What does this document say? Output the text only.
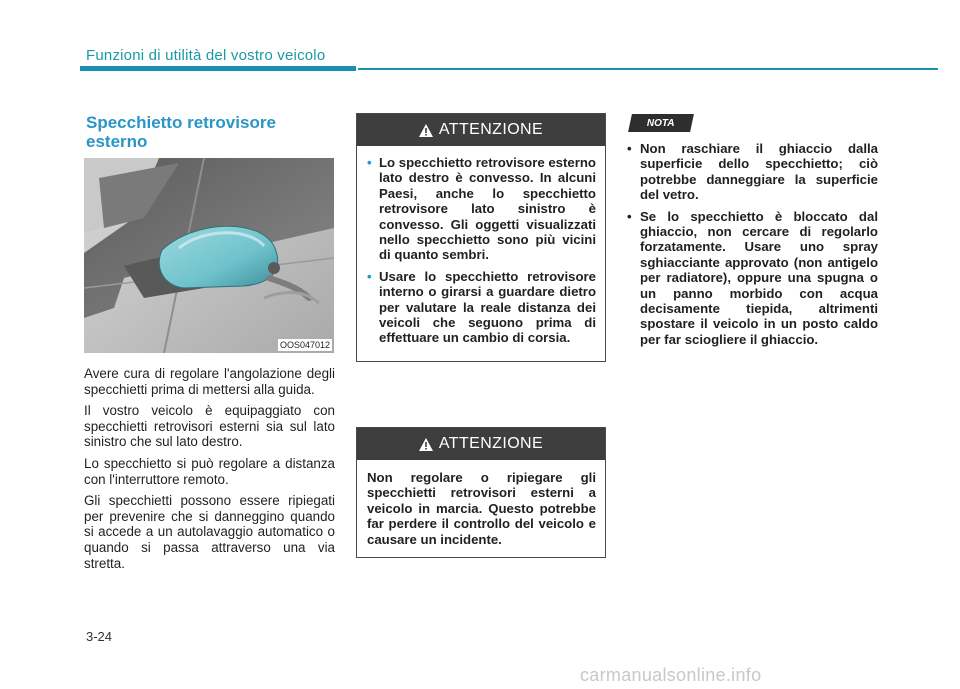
Funzioni di utilità del vostro veicolo
Specchietto retrovisore esterno
OOS047012

Avere cura di regolare l'angolazione degli specchietti prima di mettersi alla guida.

Il vostro veicolo è equipaggiato con specchietti retrovisori esterni sia sul lato sinistro che sul lato destro.

Lo specchietto si può regolare a distanza con l'interruttore remoto.

Gli specchietti possono essere ripiegati per prevenire che si danneggino quando si accede a un autolavaggio automatico o quando si passa attraverso una via stretta.

ATTENZIONE
• Lo specchietto retrovisore esterno lato destro è convesso. In alcuni Paesi, anche lo specchietto retrovisore lato sinistro è convesso. Gli oggetti visualizzati nello specchietto sono più vicini di quanto sembri.
• Usare lo specchietto retrovisore interno o girarsi a guardare dietro per valutare la reale distanza dei veicoli che seguono prima di effettuare un cambio di corsia.
ATTENZIONE

Non regolare o ripiegare gli specchietti retrovisori esterni a veicolo in marcia. Questo potrebbe far perdere il controllo del veicolo e causare un incidente.

NOTA
• Non raschiare il ghiaccio dalla superficie dello specchietto; ciò potrebbe danneggiare la superficie del vetro.
• Se lo specchietto è bloccato dal ghiaccio, non cercare di regolarlo forzatamente. Usare uno spray sghiacciante approvato (non antigelo per radiatore), oppure una spugna o un panno morbido con acqua decisamente tiepida, altrimenti spostare il veicolo in un posto caldo per far sciogliere il ghiaccio.
3-24
carmanualsonline.info
